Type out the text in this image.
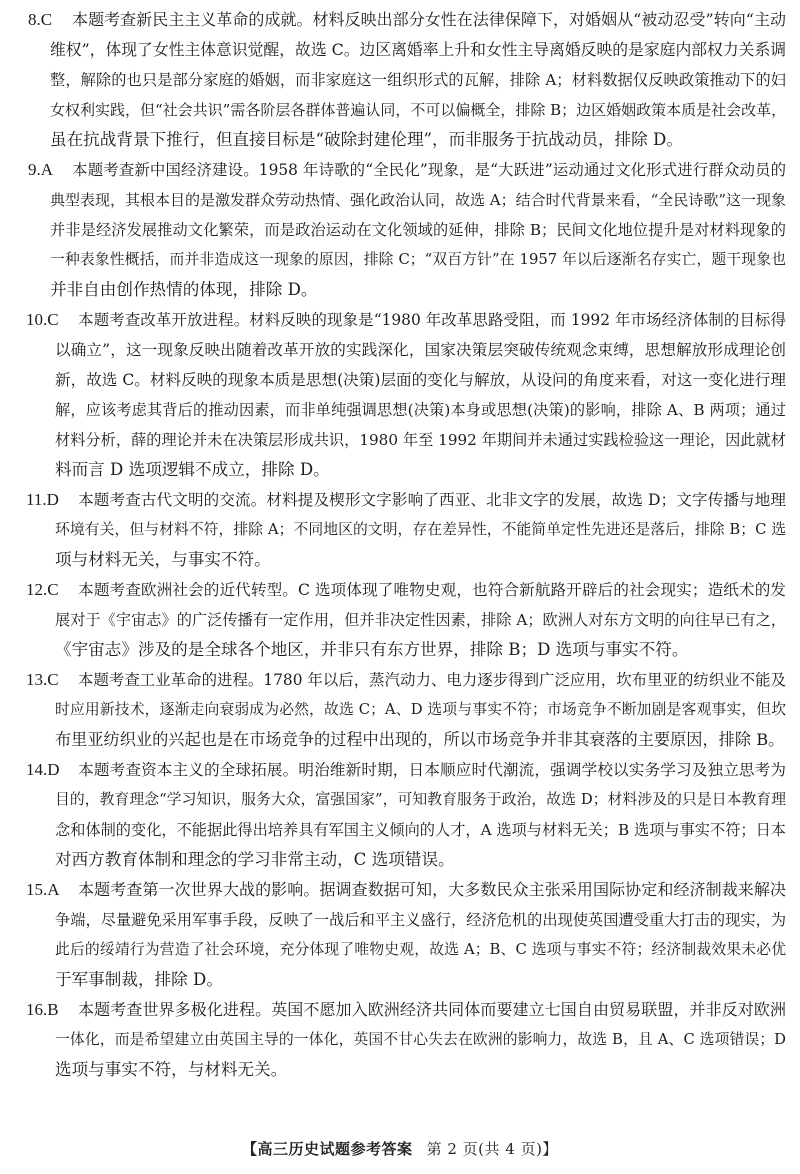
8.C 本题考查新民主主义革命的成就。材料反映出部分女性在法律保障下，对婚姻从“被动忍受”转向“主动
维权”，体现了女性主体意识觉醒，故选 C。边区离婚率上升和女性主导离婚反映的是家庭内部权力关系调
整，解除的也只是部分家庭的婚姻，而非家庭这一组织形式的瓦解，排除 A；材料数据仅反映政策推动下的妇
女权利实践，但“社会共识”需各阶层各群体普遍认同，不可以偏概全，排除 B；边区婚姻政策本质是社会改革，
虽在抗战背景下推行，但直接目标是“破除封建伦理”，而非服务于抗战动员，排除 D。
9.A 本题考查新中国经济建设。1958 年诗歌的“全民化”现象，是“大跃进”运动通过文化形式进行群众动员的
典型表现，其根本目的是激发群众劳动热情、强化政治认同，故选 A；结合时代背景来看，“全民诗歌”这一现象
并非是经济发展推动文化繁荣，而是政治运动在文化领域的延伸，排除 B；民间文化地位提升是对材料现象的
一种表象性概括，而并非造成这一现象的原因，排除 C；“双百方针”在 1957 年以后逐渐名存实亡，题干现象也
并非自由创作热情的体现，排除 D。
10.C 本题考查改革开放进程。材料反映的现象是“1980 年改革思路受阻，而 1992 年市场经济体制的目标得
以确立”，这一现象反映出随着改革开放的实践深化，国家决策层突破传统观念束缚，思想解放形成理论创
新，故选 C。材料反映的现象本质是思想(决策)层面的变化与解放，从设问的角度来看，对这一变化进行理
解，应该考虑其背后的推动因素，而非单纯强调思想(决策)本身或思想(决策)的影响，排除 A、B 两项；通过
材料分析，薛的理论并未在决策层形成共识，1980 年至 1992 年期间并未通过实践检验这一理论，因此就材
料而言 D 选项逻辑不成立，排除 D。
11.D 本题考查古代文明的交流。材料提及楔形文字影响了西亚、北非文字的发展，故选 D；文字传播与地理
环境有关，但与材料不符，排除 A；不同地区的文明，存在差异性，不能简单定性先进还是落后，排除 B；C 选
项与材料无关，与事实不符。
12.C 本题考查欧洲社会的近代转型。C 选项体现了唯物史观，也符合新航路开辟后的社会现实；造纸术的发
展对于《宇宙志》的广泛传播有一定作用，但并非决定性因素，排除 A；欧洲人对东方文明的向往早已有之，
《宇宙志》涉及的是全球各个地区，并非只有东方世界，排除 B；D 选项与事实不符。
13.C 本题考查工业革命的进程。1780 年以后，蒸汽动力、电力逐步得到广泛应用，坎布里亚的纺织业不能及
时应用新技术，逐渐走向衰弱成为必然，故选 C；A、D 选项与事实不符；市场竞争不断加剧是客观事实，但坎
布里亚纺织业的兴起也是在市场竞争的过程中出现的，所以市场竞争并非其衰落的主要原因，排除 B。
14.D 本题考查资本主义的全球拓展。明治维新时期，日本顺应时代潮流，强调学校以实务学习及独立思考为
目的，教育理念“学习知识，服务大众，富强国家”，可知教育服务于政治，故选 D；材料涉及的只是日本教育理
念和体制的变化，不能据此得出培养具有军国主义倾向的人才，A 选项与材料无关；B 选项与事实不符；日本
对西方教育体制和理念的学习非常主动，C 选项错误。
15.A 本题考查第一次世界大战的影响。据调查数据可知，大多数民众主张采用国际协定和经济制裁来解决
争端，尽量避免采用军事手段，反映了一战后和平主义盛行，经济危机的出现使英国遭受重大打击的现实，为
此后的绥靖行为营造了社会环境，充分体现了唯物史观，故选 A；B、C 选项与事实不符；经济制裁效果未必优
于军事制裁，排除 D。
16.B 本题考查世界多极化进程。英国不愿加入欧洲经济共同体而要建立七国自由贸易联盟，并非反对欧洲
一体化，而是希望建立由英国主导的一体化，英国不甘心失去在欧洲的影响力，故选 B，且 A、C 选项错误；D
选项与事实不符，与材料无关。
【高三历史试题参考答案 第 2 页(共 4 页)】
